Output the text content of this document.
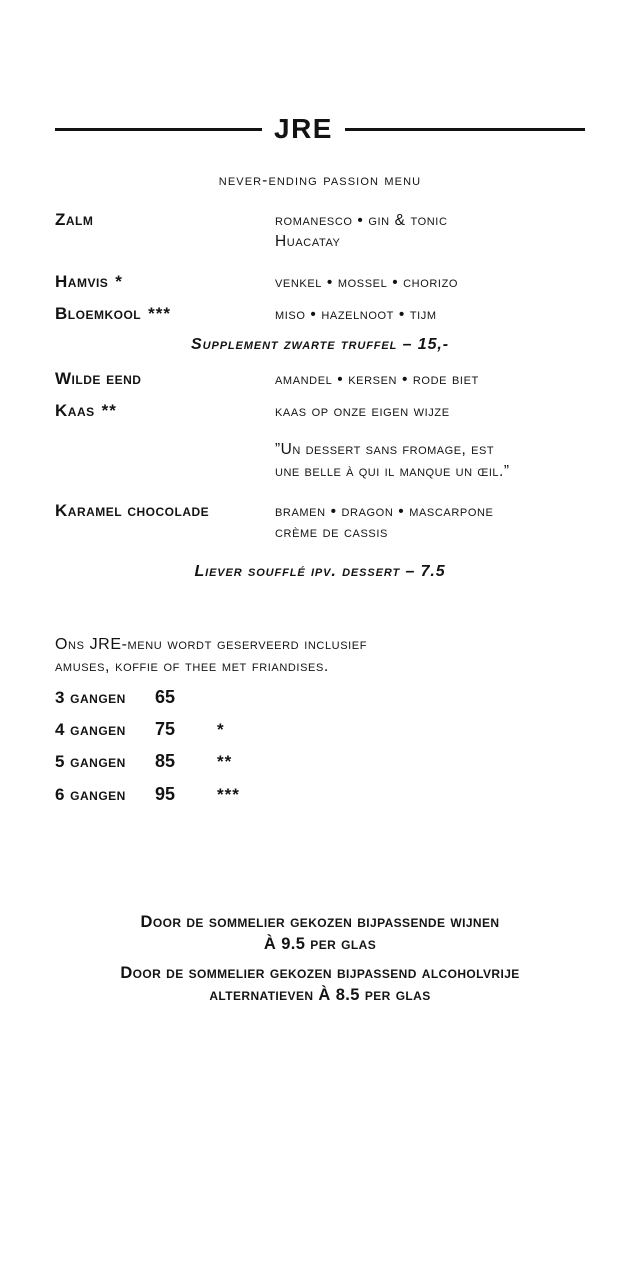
JRE
never-ending passion menu
Zalm	romanesco • gin & tonic
Huacatay
Hamvis *	venkel • mossel • chorizo
Bloemkool ***	miso • hazelnoot • tijm
Supplement zwarte truffel – 15,-
Wilde eend	amandel • kersen • rode biet
Kaas **	kaas op onze eigen wijze
”Un dessert sans fromage, est
une belle à qui il manque un œil.”
Karamel chocolade	bramen • dragon • mascarpone
crème de cassis
Liever soufflé ipv. dessert – 7.5
Ons JRE-menu wordt geserveerd inclusief
amuses, koffie of thee met friandises.
3 gangen	65
4 gangen	75	*
5 gangen	85	**
6 gangen	95	***
Door de sommelier gekozen bijpassende wijnen
À 9.5 per glas
Door de sommelier gekozen bijpassend alcoholvrije
alternatieven À 8.5 per glas
